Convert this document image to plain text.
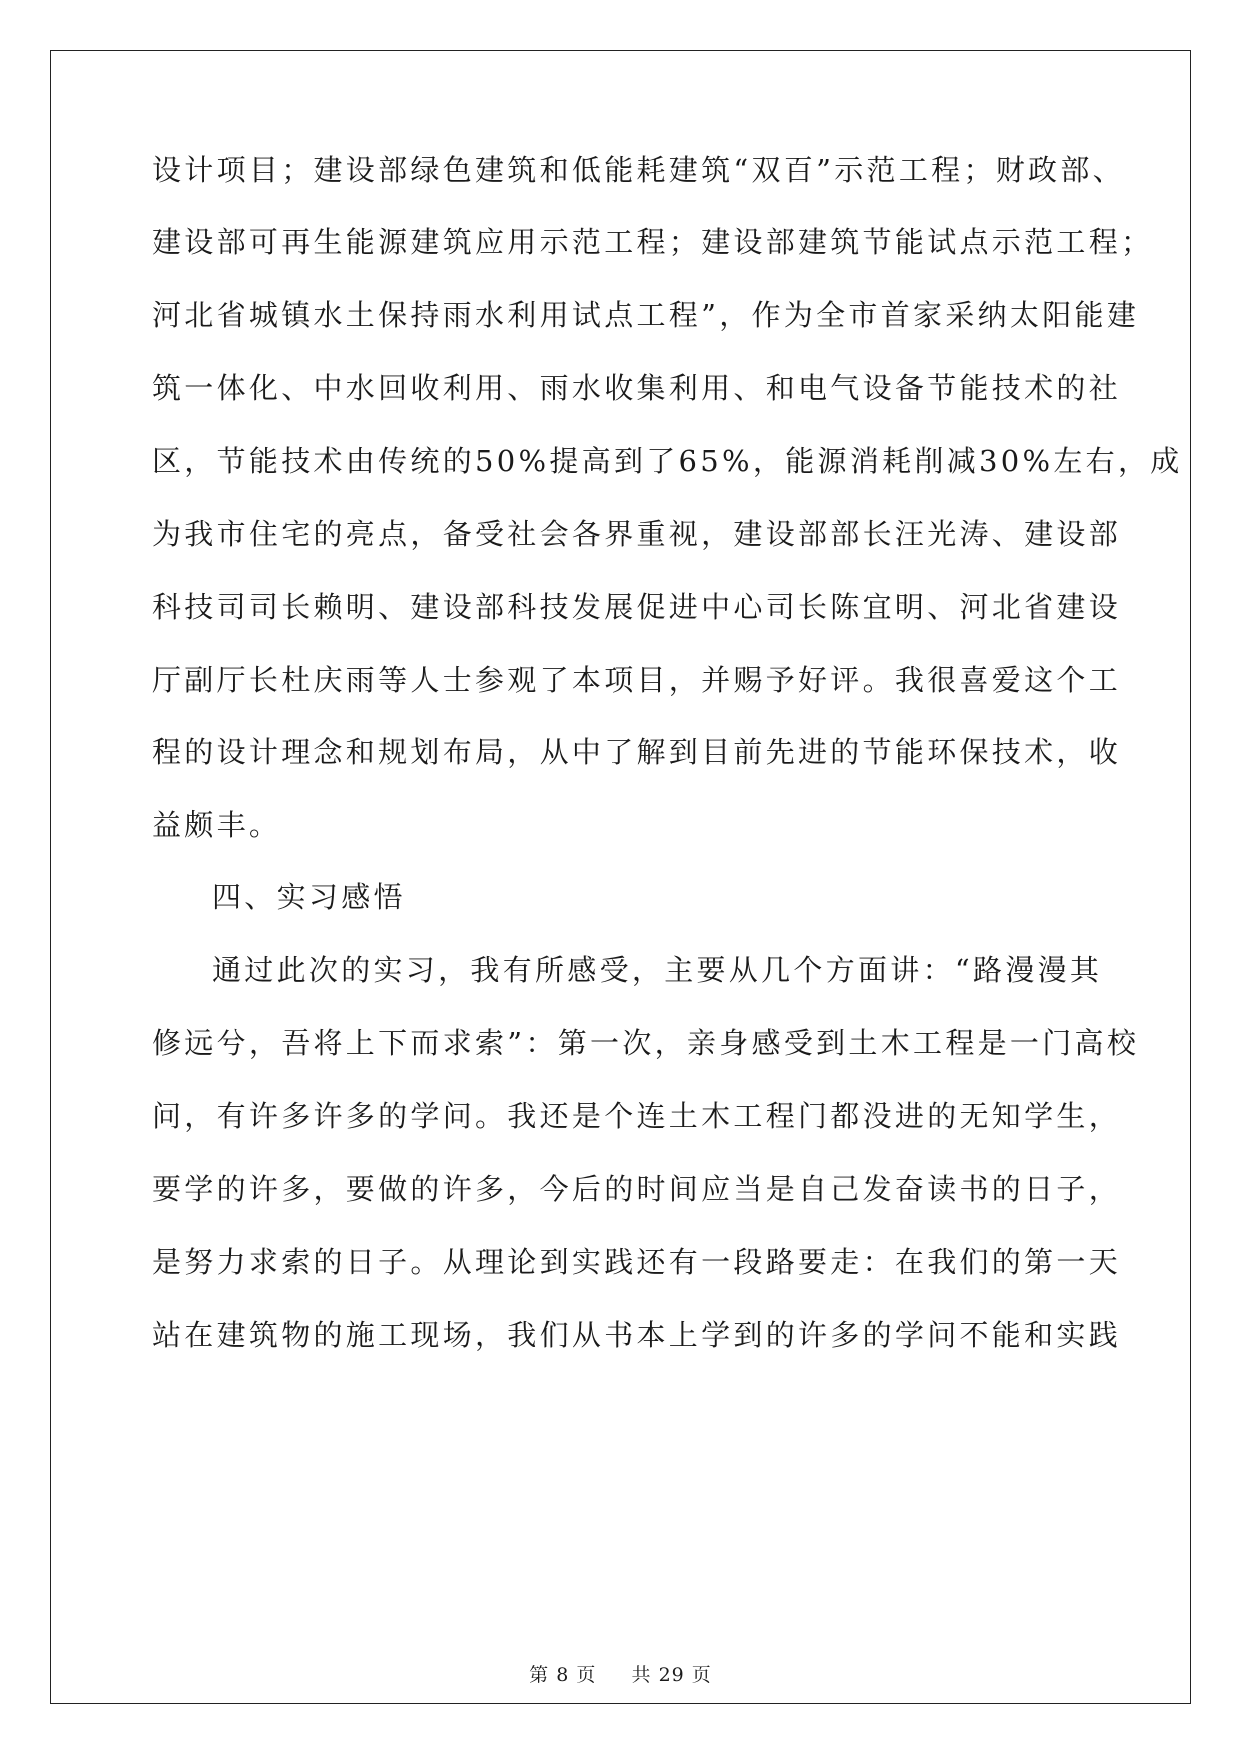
设计项目；建设部绿色建筑和低能耗建筑“双百”示范工程；财政部、
建设部可再生能源建筑应用示范工程；建设部建筑节能试点示范工程；
河北省城镇水土保持雨水利用试点工程”，作为全市首家采纳太阳能建
筑一体化、中水回收利用、雨水收集利用、和电气设备节能技术的社
区，节能技术由传统的50%提高到了65%，能源消耗削减30%左右，成
为我市住宅的亮点，备受社会各界重视，建设部部长汪光涛、建设部
科技司司长赖明、建设部科技发展促进中心司长陈宜明、河北省建设
厅副厅长杜庆雨等人士参观了本项目，并赐予好评。我很喜爱这个工
程的设计理念和规划布局，从中了解到目前先进的节能环保技术，收
益颇丰。
四、实习感悟
通过此次的实习，我有所感受，主要从几个方面讲：“路漫漫其
修远兮，吾将上下而求索”：第一次，亲身感受到土木工程是一门高校
问，有许多许多的学问。我还是个连土木工程门都没进的无知学生，
要学的许多，要做的许多，今后的时间应当是自己发奋读书的日子，
是努力求索的日子。从理论到实践还有一段路要走：在我们的第一天
站在建筑物的施工现场，我们从书本上学到的许多的学问不能和实践
第 8 页 共 29 页
